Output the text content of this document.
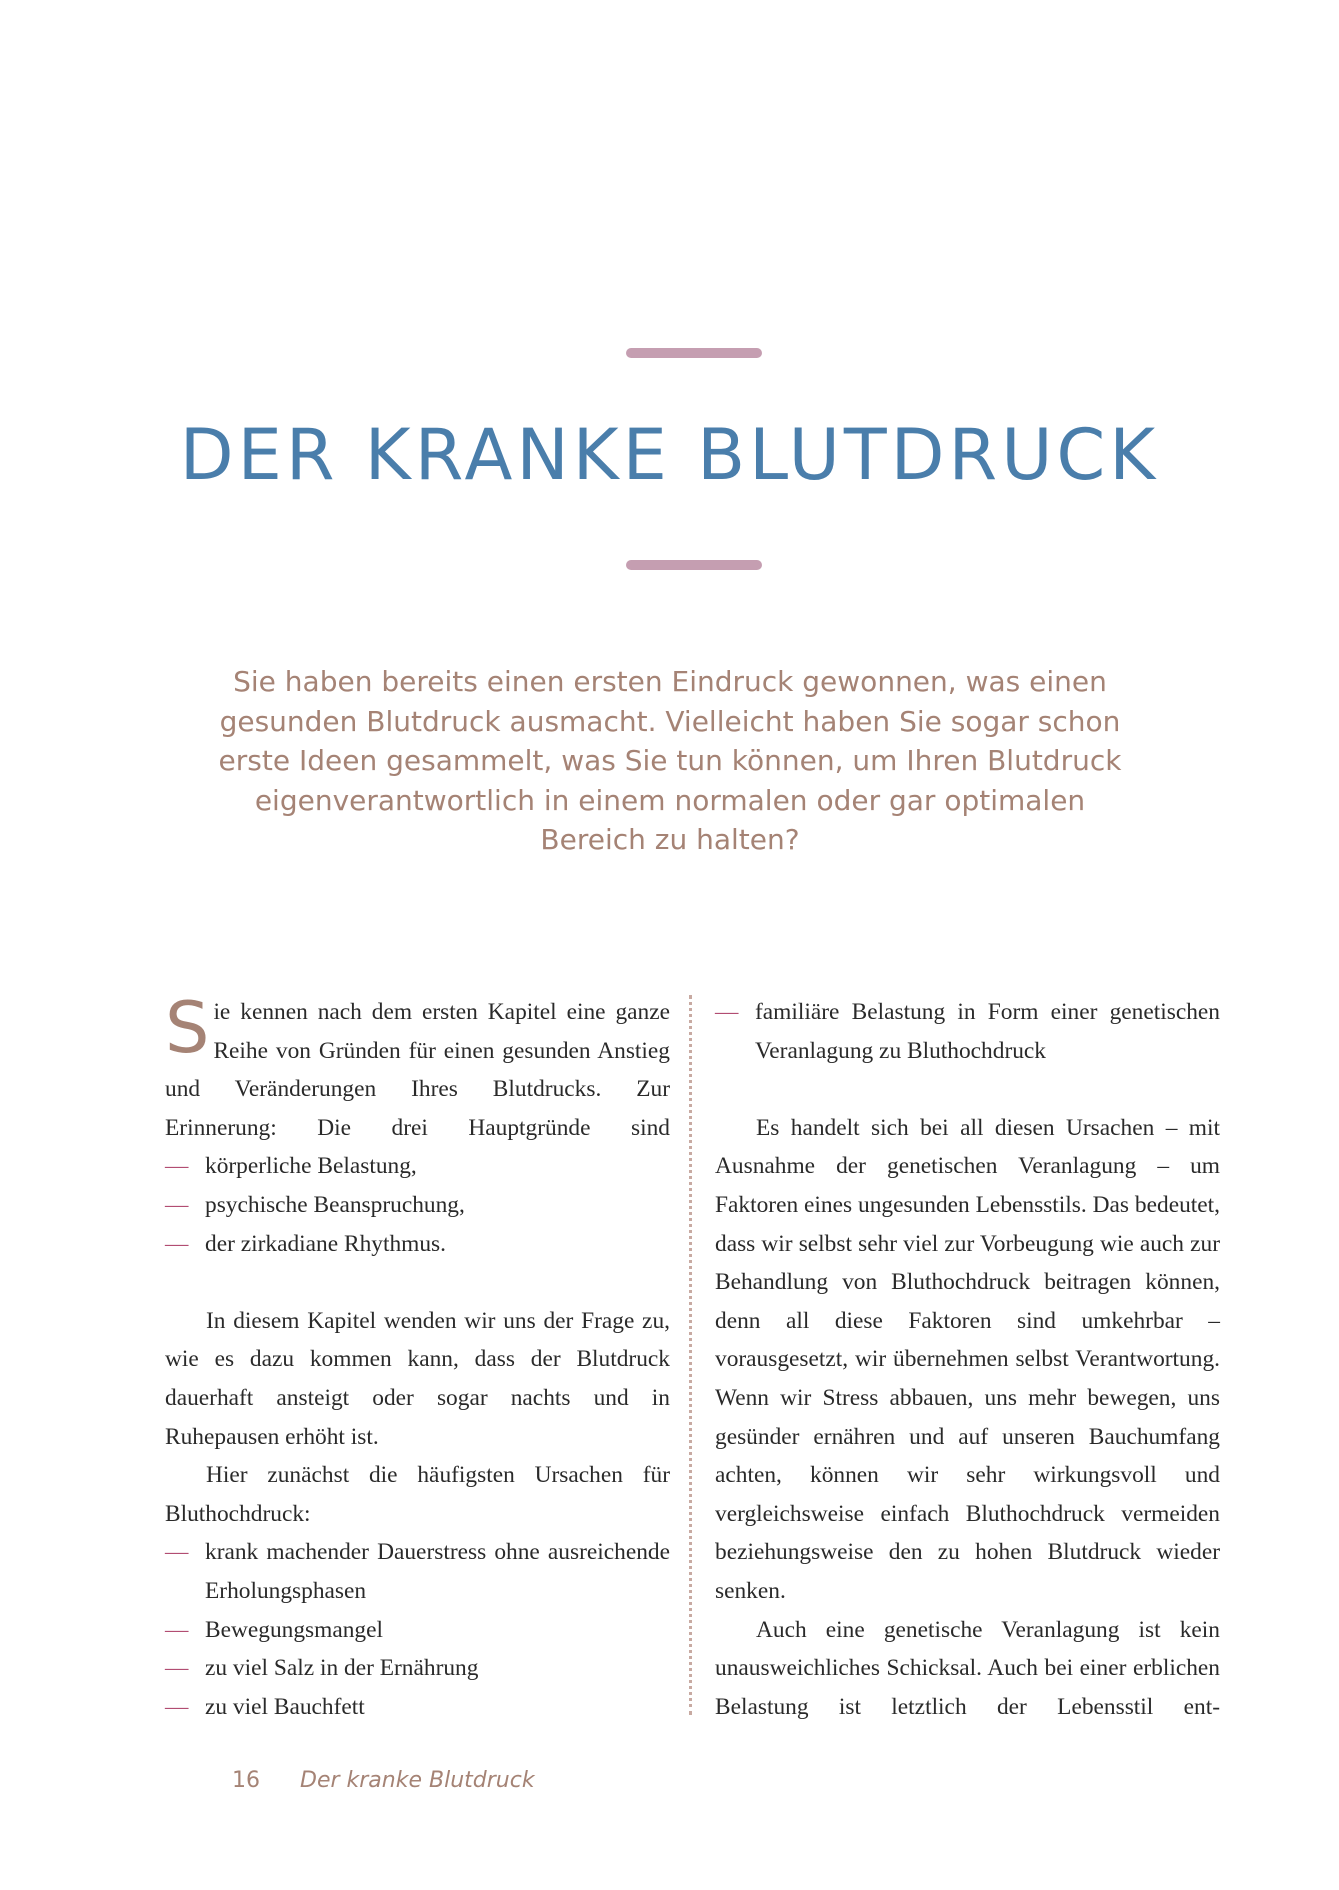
DER KRANKE BLUTDRUCK
Sie haben bereits einen ersten Eindruck gewonnen, was einen gesunden Blutdruck ausmacht. Vielleicht haben Sie sogar schon erste Ideen gesammelt, was Sie tun können, um Ihren Blutdruck eigenverantwortlich in einem normalen oder gar optimalen Bereich zu halten?

Sie kennen nach dem ersten Kapitel eine ganze Reihe von Gründen für einen gesunden Anstieg und Veränderungen Ihres Blutdrucks. Zur Erinnerung: Die drei Hauptgründe sind

— körperliche Belastung,
— psychische Beanspruchung,
— der zirkadiane Rhythmus.

In diesem Kapitel wenden wir uns der Frage zu, wie es dazu kommen kann, dass der Blutdruck dauerhaft ansteigt oder sogar nachts und in Ruhepausen erhöht ist.

Hier zunächst die häufigsten Ursachen für Bluthochdruck:

— krank machender Dauerstress ohne ausreichende Erholungsphasen
— Bewegungsmangel
— zu viel Salz in der Ernährung
— zu viel Bauchfett
— familiäre Belastung in Form einer genetischen Veranlagung zu Bluthochdruck

Es handelt sich bei all diesen Ursachen – mit Ausnahme der genetischen Veranlagung – um Faktoren eines ungesunden Lebensstils. Das bedeutet, dass wir selbst sehr viel zur Vorbeugung wie auch zur Behandlung von Bluthochdruck beitragen können, denn all diese Faktoren sind umkehrbar – vorausgesetzt, wir übernehmen selbst Verantwortung. Wenn wir Stress abbauen, uns mehr bewegen, uns gesünder ernähren und auf unseren Bauchumfang achten, können wir sehr wirkungsvoll und vergleichsweise einfach Bluthochdruck vermeiden beziehungsweise den zu hohen Blutdruck wieder senken.

Auch eine genetische Veranlagung ist kein unausweichliches Schicksal. Auch bei einer erblichen Belastung ist letztlich der Lebensstil ent-

16 Der kranke Blutdruck
